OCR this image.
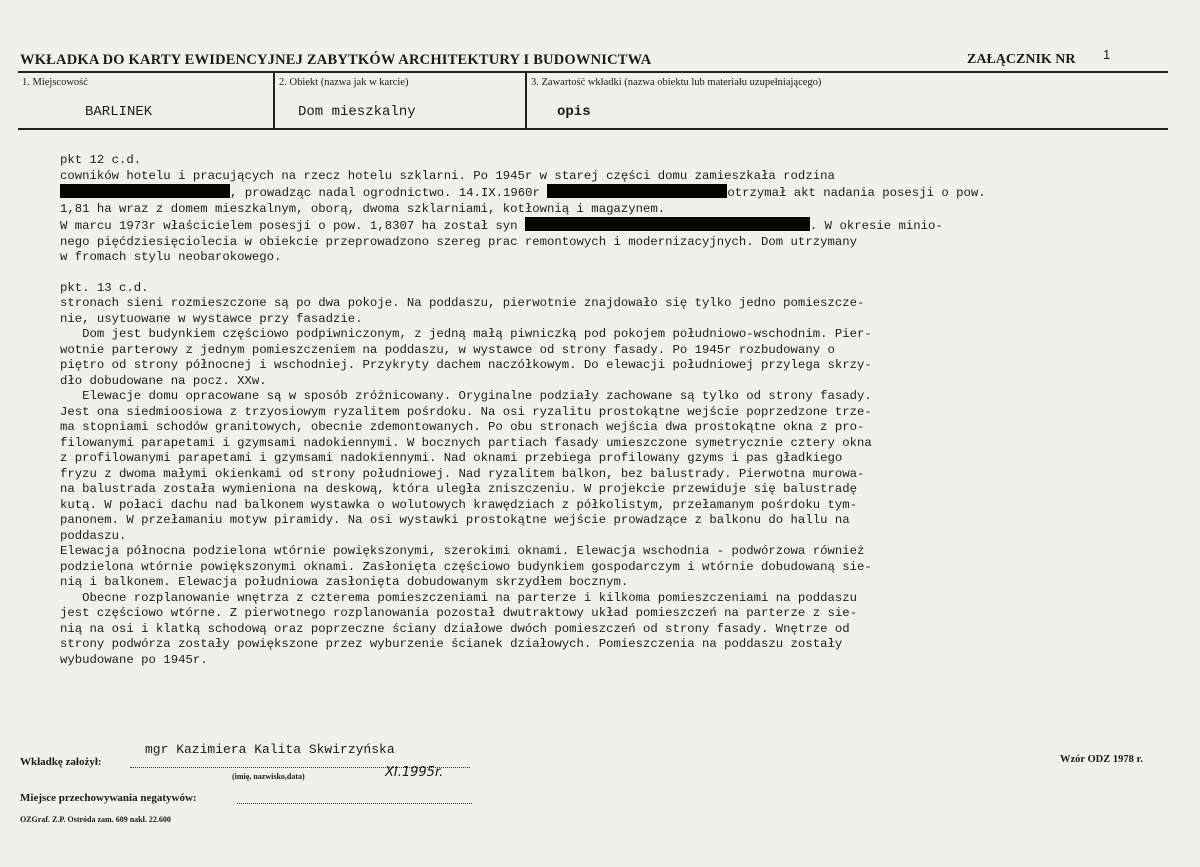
WKŁADKA DO KARTY EWIDENCYJNEJ ZABYTKÓW ARCHITEKTURY I BUDOWNICTWA	ZAŁĄCZNIK NR 1
1. Miejscowość
BARLINEK
2. Obiekt (nazwa jak w karcie)
Dom mieszkalny
3. Zawartość wkładki (nazwa obiektu lub materiału uzupełniającego)
opis

pkt 12 c.d.

cowników hotelu i pracujących na rzecz hotelu szklarni. Po 1945r w starej części domu zamieszkała rodzina

, prowadząc nadal ogrodnictwo. 14.IX.1960r	otrzymał akt nadania posesji o pow.

1,81 ha wraz z domem mieszkalnym, oborą, dwoma szklarniami, kotłownią i magazynem.

W marcu 1973r właścicielem posesji o pow. 1,8307 ha został syn	. W okresie minio-

nego pięćdziesięciolecia w obiekcie przeprowadzono szereg prac remontowych i modernizacyjnych. Dom utrzymany

w fromach stylu neobarokowego.

pkt. 13 c.d.

stronach sieni rozmieszczone są po dwa pokoje. Na poddaszu, pierwotnie znajdowało się tylko jedno pomieszcze-
nie, usytuowane w wystawce przy fasadzie.
Dom jest budynkiem częściowo podpiwniczonym, z jedną małą piwniczką pod pokojem południowo-wschodnim. Pier-
wotnie parterowy z jednym pomieszczeniem na poddaszu, w wystawce od strony fasady. Po 1945r rozbudowany o
piętro od strony północnej i wschodniej. Przykryty dachem naczółkowym. Do elewacji południowej przylega skrzy-
dło dobudowane na pocz. XXw.
Elewacje domu opracowane są w sposób zróżnicowany. Oryginalne podziały zachowane są tylko od strony fasady.
Jest ona siedmioosiowa z trzyosiowym ryzalitem pośrdoku. Na osi ryzalitu prostokątne wejście poprzedzone trze-
ma stopniami schodów granitowych, obecnie zdemontowanych. Po obu stronach wejścia dwa prostokątne okna z pro-
filowanymi parapetami i gzymsami nadokiennymi. W bocznych partiach fasady umieszczone symetrycznie cztery okna
z profilowanymi parapetami i gzymsami nadokiennymi. Nad oknami przebiega profilowany gzyms i pas gładkiego
fryzu z dwoma małymi okienkami od strony południowej. Nad ryzalitem balkon, bez balustrady. Pierwotna murowa-
na balustrada została wymieniona na deskową, która uległa zniszczeniu. W projekcie przewiduje się balustradę
kutą. W połaci dachu nad balkonem wystawka o wolutowych krawędziach z półkolistym, przełamanym pośrdoku tym-
panonem. W przełamaniu motyw piramidy. Na osi wystawki prostokątne wejście prowadzące z balkonu do hallu na
poddaszu.
Elewacja północna podzielona wtórnie powiększonymi, szerokimi oknami. Elewacja wschodnia - podwórzowa również
podzielona wtórnie powiększonymi oknami. Zasłonięta częściowo budynkiem gospodarczym i wtórnie dobudowaną sie-
nią i balkonem. Elewacja południowa zasłonięta dobudowanym skrzydłem bocznym.
Obecne rozplanowanie wnętrza z czterema pomieszczeniami na parterze i kilkoma pomieszczeniami na poddaszu
jest częściowo wtórne. Z pierwotnego rozplanowania pozostał dwutraktowy układ pomieszczeń na parterze z sie-
nią na osi i klatką schodową oraz poprzeczne ściany działowe dwóch pomieszczeń od strony fasady. Wnętrze od
strony podwórza zostały powiększone przez wyburzenie ścianek działowych. Pomieszczenia na poddaszu zostały
wybudowane po 1945r.

mgr Kazimiera Kalita Skwirzyńska
Wkładkę założył:
(imię, nazwisko,data)	XI.1995r.
Wzór ODZ 1978 r.
Miejsce przechowywania negatywów:
OZGraf. Z.P. Ostróda zam. 609 nakł. 22.600
